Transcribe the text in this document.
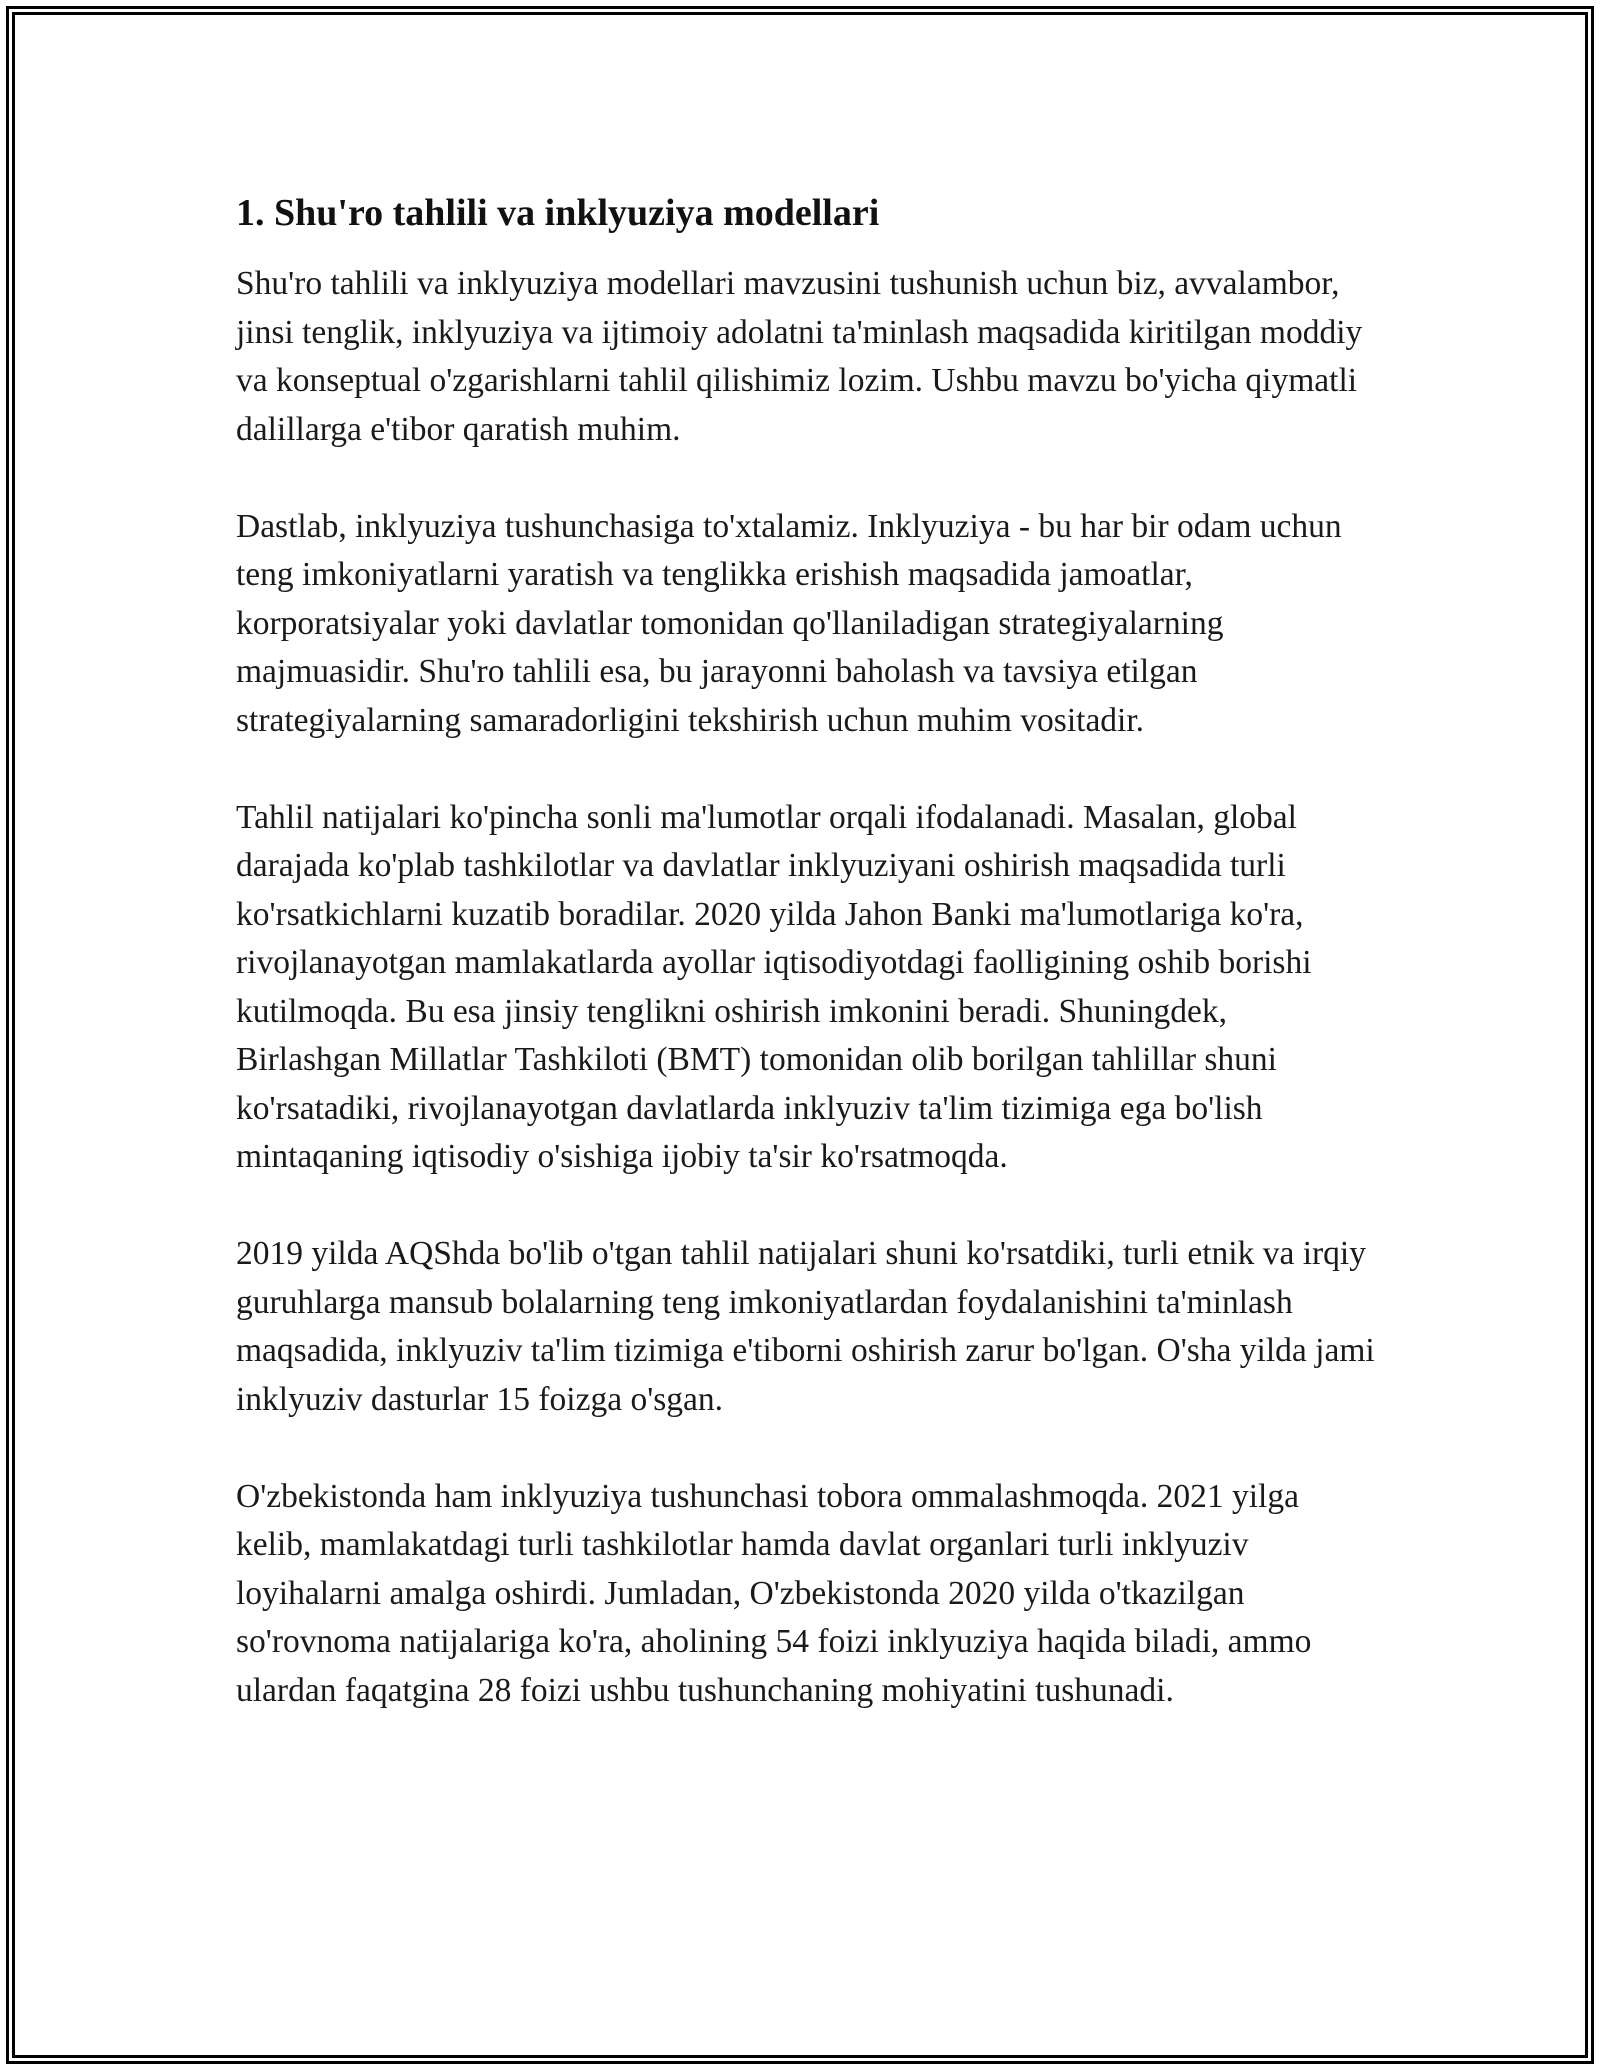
1. Shu'ro tahlili va inklyuziya modellari

Shu'ro tahlili va inklyuziya modellari mavzusini tushunish uchun biz, avvalambor, jinsi tenglik, inklyuziya va ijtimoiy adolatni ta'minlash maqsadida kiritilgan moddiy va konseptual o'zgarishlarni tahlil qilishimiz lozim. Ushbu mavzu bo'yicha qiymatli dalillarga e'tibor qaratish muhim.

Dastlab, inklyuziya tushunchasiga to'xtalamiz. Inklyuziya - bu har bir odam uchun teng imkoniyatlarni yaratish va tenglikka erishish maqsadida jamoatlar, korporatsiyalar yoki davlatlar tomonidan qo'llaniladigan strategiyalarning majmuasidir. Shu'ro tahlili esa, bu jarayonni baholash va tavsiya etilgan strategiyalarning samaradorligini tekshirish uchun muhim vositadir.

Tahlil natijalari ko'pincha sonli ma'lumotlar orqali ifodalanadi. Masalan, global darajada ko'plab tashkilotlar va davlatlar inklyuziyani oshirish maqsadida turli ko'rsatkichlarni kuzatib boradilar. 2020 yilda Jahon Banki ma'lumotlariga ko'ra, rivojlanayotgan mamlakatlarda ayollar iqtisodiyotdagi faolligining oshib borishi kutilmoqda. Bu esa jinsiy tenglikni oshirish imkonini beradi. Shuningdek, Birlashgan Millatlar Tashkiloti (BMT) tomonidan olib borilgan tahlillar shuni ko'rsatadiki, rivojlanayotgan davlatlarda inklyuziv ta'lim tizimiga ega bo'lish mintaqaning iqtisodiy o'sishiga ijobiy ta'sir ko'rsatmoqda.

2019 yilda AQShda bo'lib o'tgan tahlil natijalari shuni ko'rsatdiki, turli etnik va irqiy guruhlarga mansub bolalarning teng imkoniyatlardan foydalanishini ta'minlash maqsadida, inklyuziv ta'lim tizimiga e'tiborni oshirish zarur bo'lgan. O'sha yilda jami inklyuziv dasturlar 15 foizga o'sgan.

O'zbekistonda ham inklyuziya tushunchasi tobora ommalashmoqda. 2021 yilga kelib, mamlakatdagi turli tashkilotlar hamda davlat organlari turli inklyuziv loyihalarni amalga oshirdi. Jumladan, O'zbekistonda 2020 yilda o'tkazilgan so'rovnoma natijalariga ko'ra, aholining 54 foizi inklyuziya haqida biladi, ammo ulardan faqatgina 28 foizi ushbu tushunchaning mohiyatini tushunadi.
